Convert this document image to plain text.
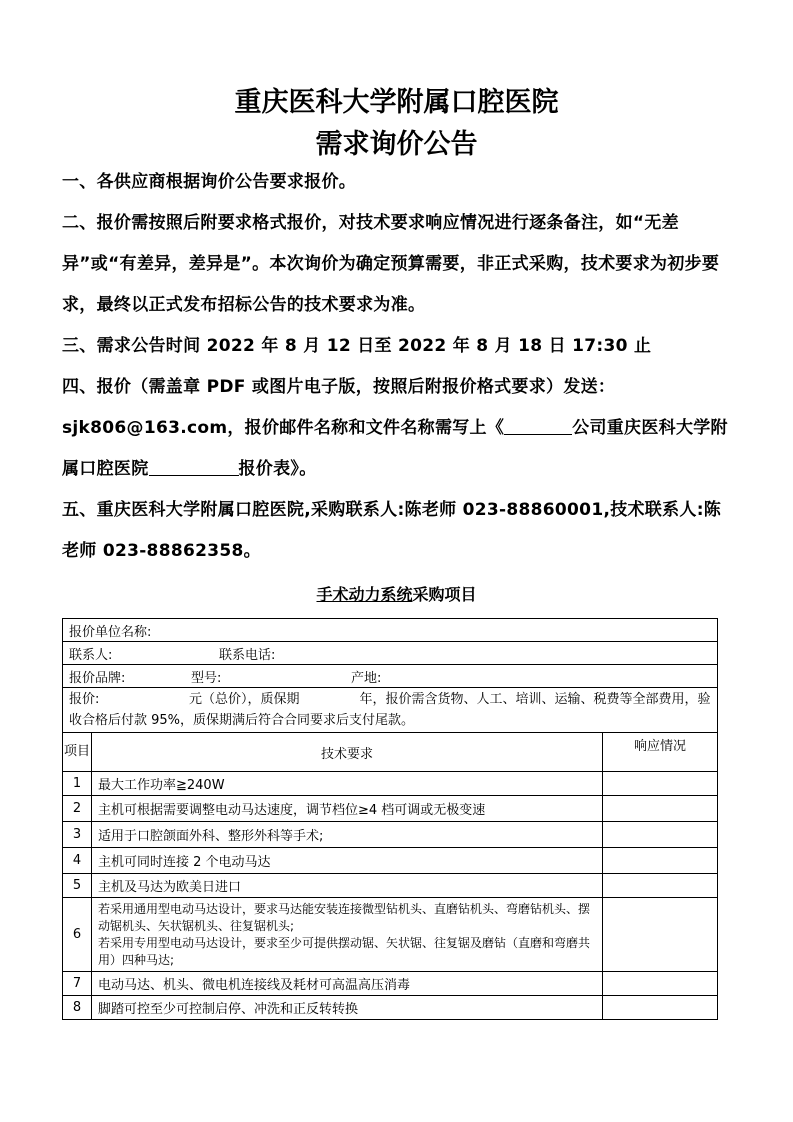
重庆医科大学附属口腔医院
需求询价公告
一、各供应商根据询价公告要求报价。
二、报价需按照后附要求格式报价，对技术要求响应情况进行逐条备注，如“无差异”或“有差异，差异是”。本次询价为确定预算需要，非正式采购，技术要求为初步要求，最终以正式发布招标公告的技术要求为准。
三、需求公告时间 2022 年 8 月 12 日至 2022 年 8 月 18 日 17:30 止
四、报价（需盖章 PDF 或图片电子版，按照后附报价格式要求）发送：sjk806@163.com，报价邮件名称和文件名称需写上《	公司重庆医科大学附属口腔医院	报价表》。
五、重庆医科大学附属口腔医院,采购联系人:陈老师 023-88860001,技术联系人:陈老师 023-88862358。
手术动力系统采购项目
报价单位名称:		
联系人: 联系电话:		
报价品牌: 型号: 产地:		
报价: 元（总价），质保期 年，报价需含货物、人工、培训、运输、税费等全部费用，验收合格后付款 95%，质保期满后符合合同要求后支付尾款。		
项目	技术要求	响应情况
1	最大工作功率≧240W	
2	主机可根据需要调整电动马达速度，调节档位≥4 档可调或无极变速	
3	适用于口腔颌面外科、整形外科等手术;	
4	主机可同时连接 2 个电动马达	
5	主机及马达为欧美日进口	
6	若采用通用型电动马达设计，要求马达能安装连接微型钻机头、直磨钻机头、弯磨钻机头、摆动锯机头、矢状锯机头、往复锯机头;
若采用专用型电动马达设计，要求至少可提供摆动锯、矢状锯、往复锯及磨钻（直磨和弯磨共用）四种马达;	

7	电动马达、机头、微电机连接线及耗材可高温高压消毒	
8	脚踏可控至少可控制启停、冲洗和正反转转换	
